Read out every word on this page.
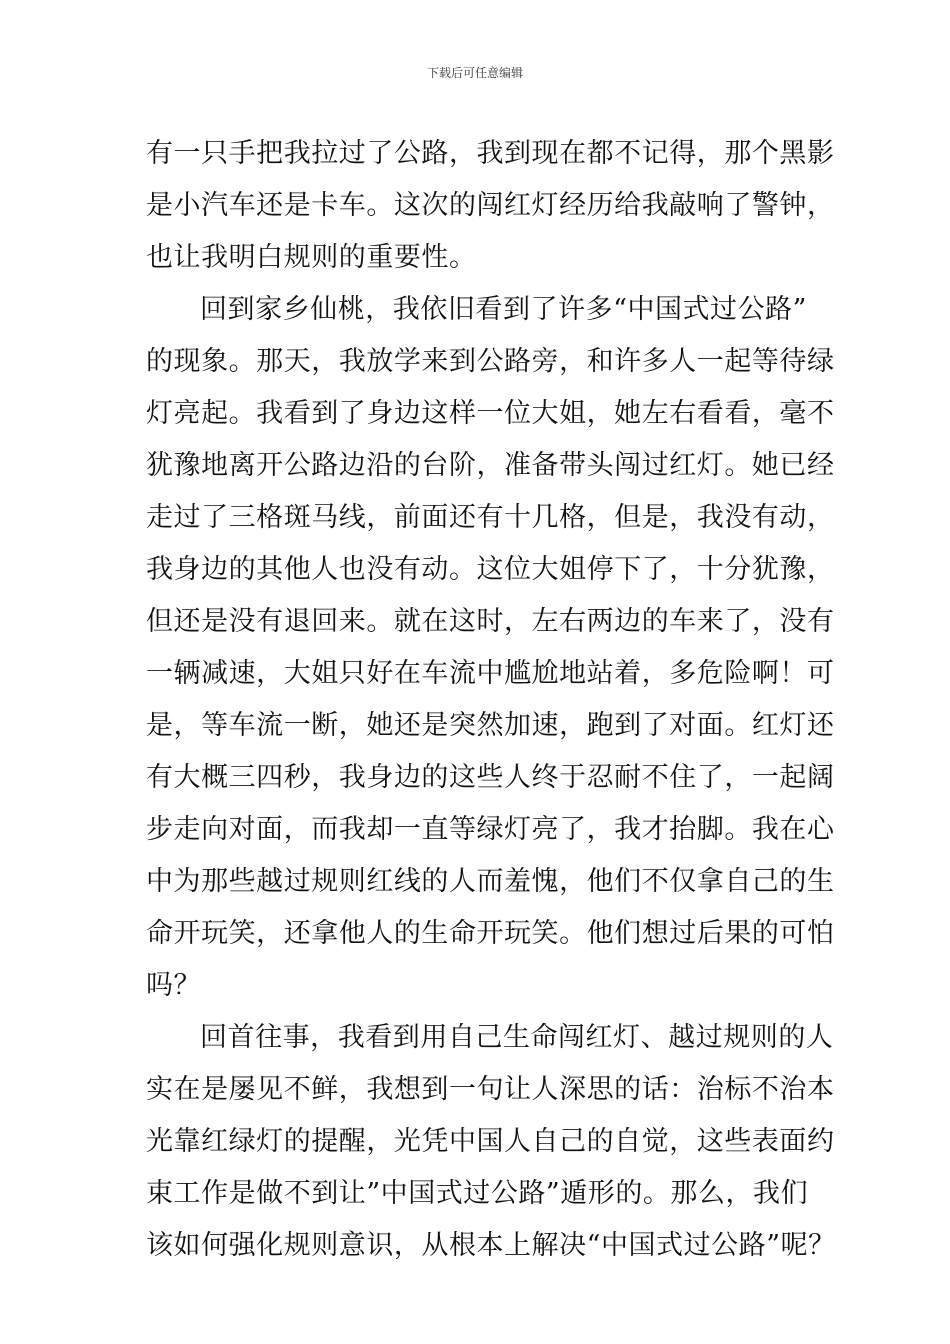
下载后可任意编辑
有一只手把我拉过了公路，我到现在都不记得，那个黑影
是小汽车还是卡车。这次的闯红灯经历给我敲响了警钟，
也让我明白规则的重要性。
回到家乡仙桃，我依旧看到了许多“中国式过公路”
的现象。那天，我放学来到公路旁，和许多人一起等待绿
灯亮起。我看到了身边这样一位大姐，她左右看看，毫不
犹豫地离开公路边沿的台阶，准备带头闯过红灯。她已经
走过了三格斑马线，前面还有十几格，但是，我没有动，
我身边的其他人也没有动。这位大姐停下了，十分犹豫，
但还是没有退回来。就在这时，左右两边的车来了，没有
一辆减速，大姐只好在车流中尴尬地站着，多危险啊！可
是，等车流一断，她还是突然加速，跑到了对面。红灯还
有大概三四秒，我身边的这些人终于忍耐不住了，一起阔
步走向对面，而我却一直等绿灯亮了，我才抬脚。我在心
中为那些越过规则红线的人而羞愧，他们不仅拿自己的生
命开玩笑，还拿他人的生命开玩笑。他们想过后果的可怕
吗？
回首往事，我看到用自己生命闯红灯、越过规则的人
实在是屡见不鲜，我想到一句让人深思的话：治标不治本
光靠红绿灯的提醒，光凭中国人自己的自觉，这些表面约
束工作是做不到让”中国式过公路”遁形的。那么，我们
该如何强化规则意识，从根本上解决“中国式过公路”呢？
